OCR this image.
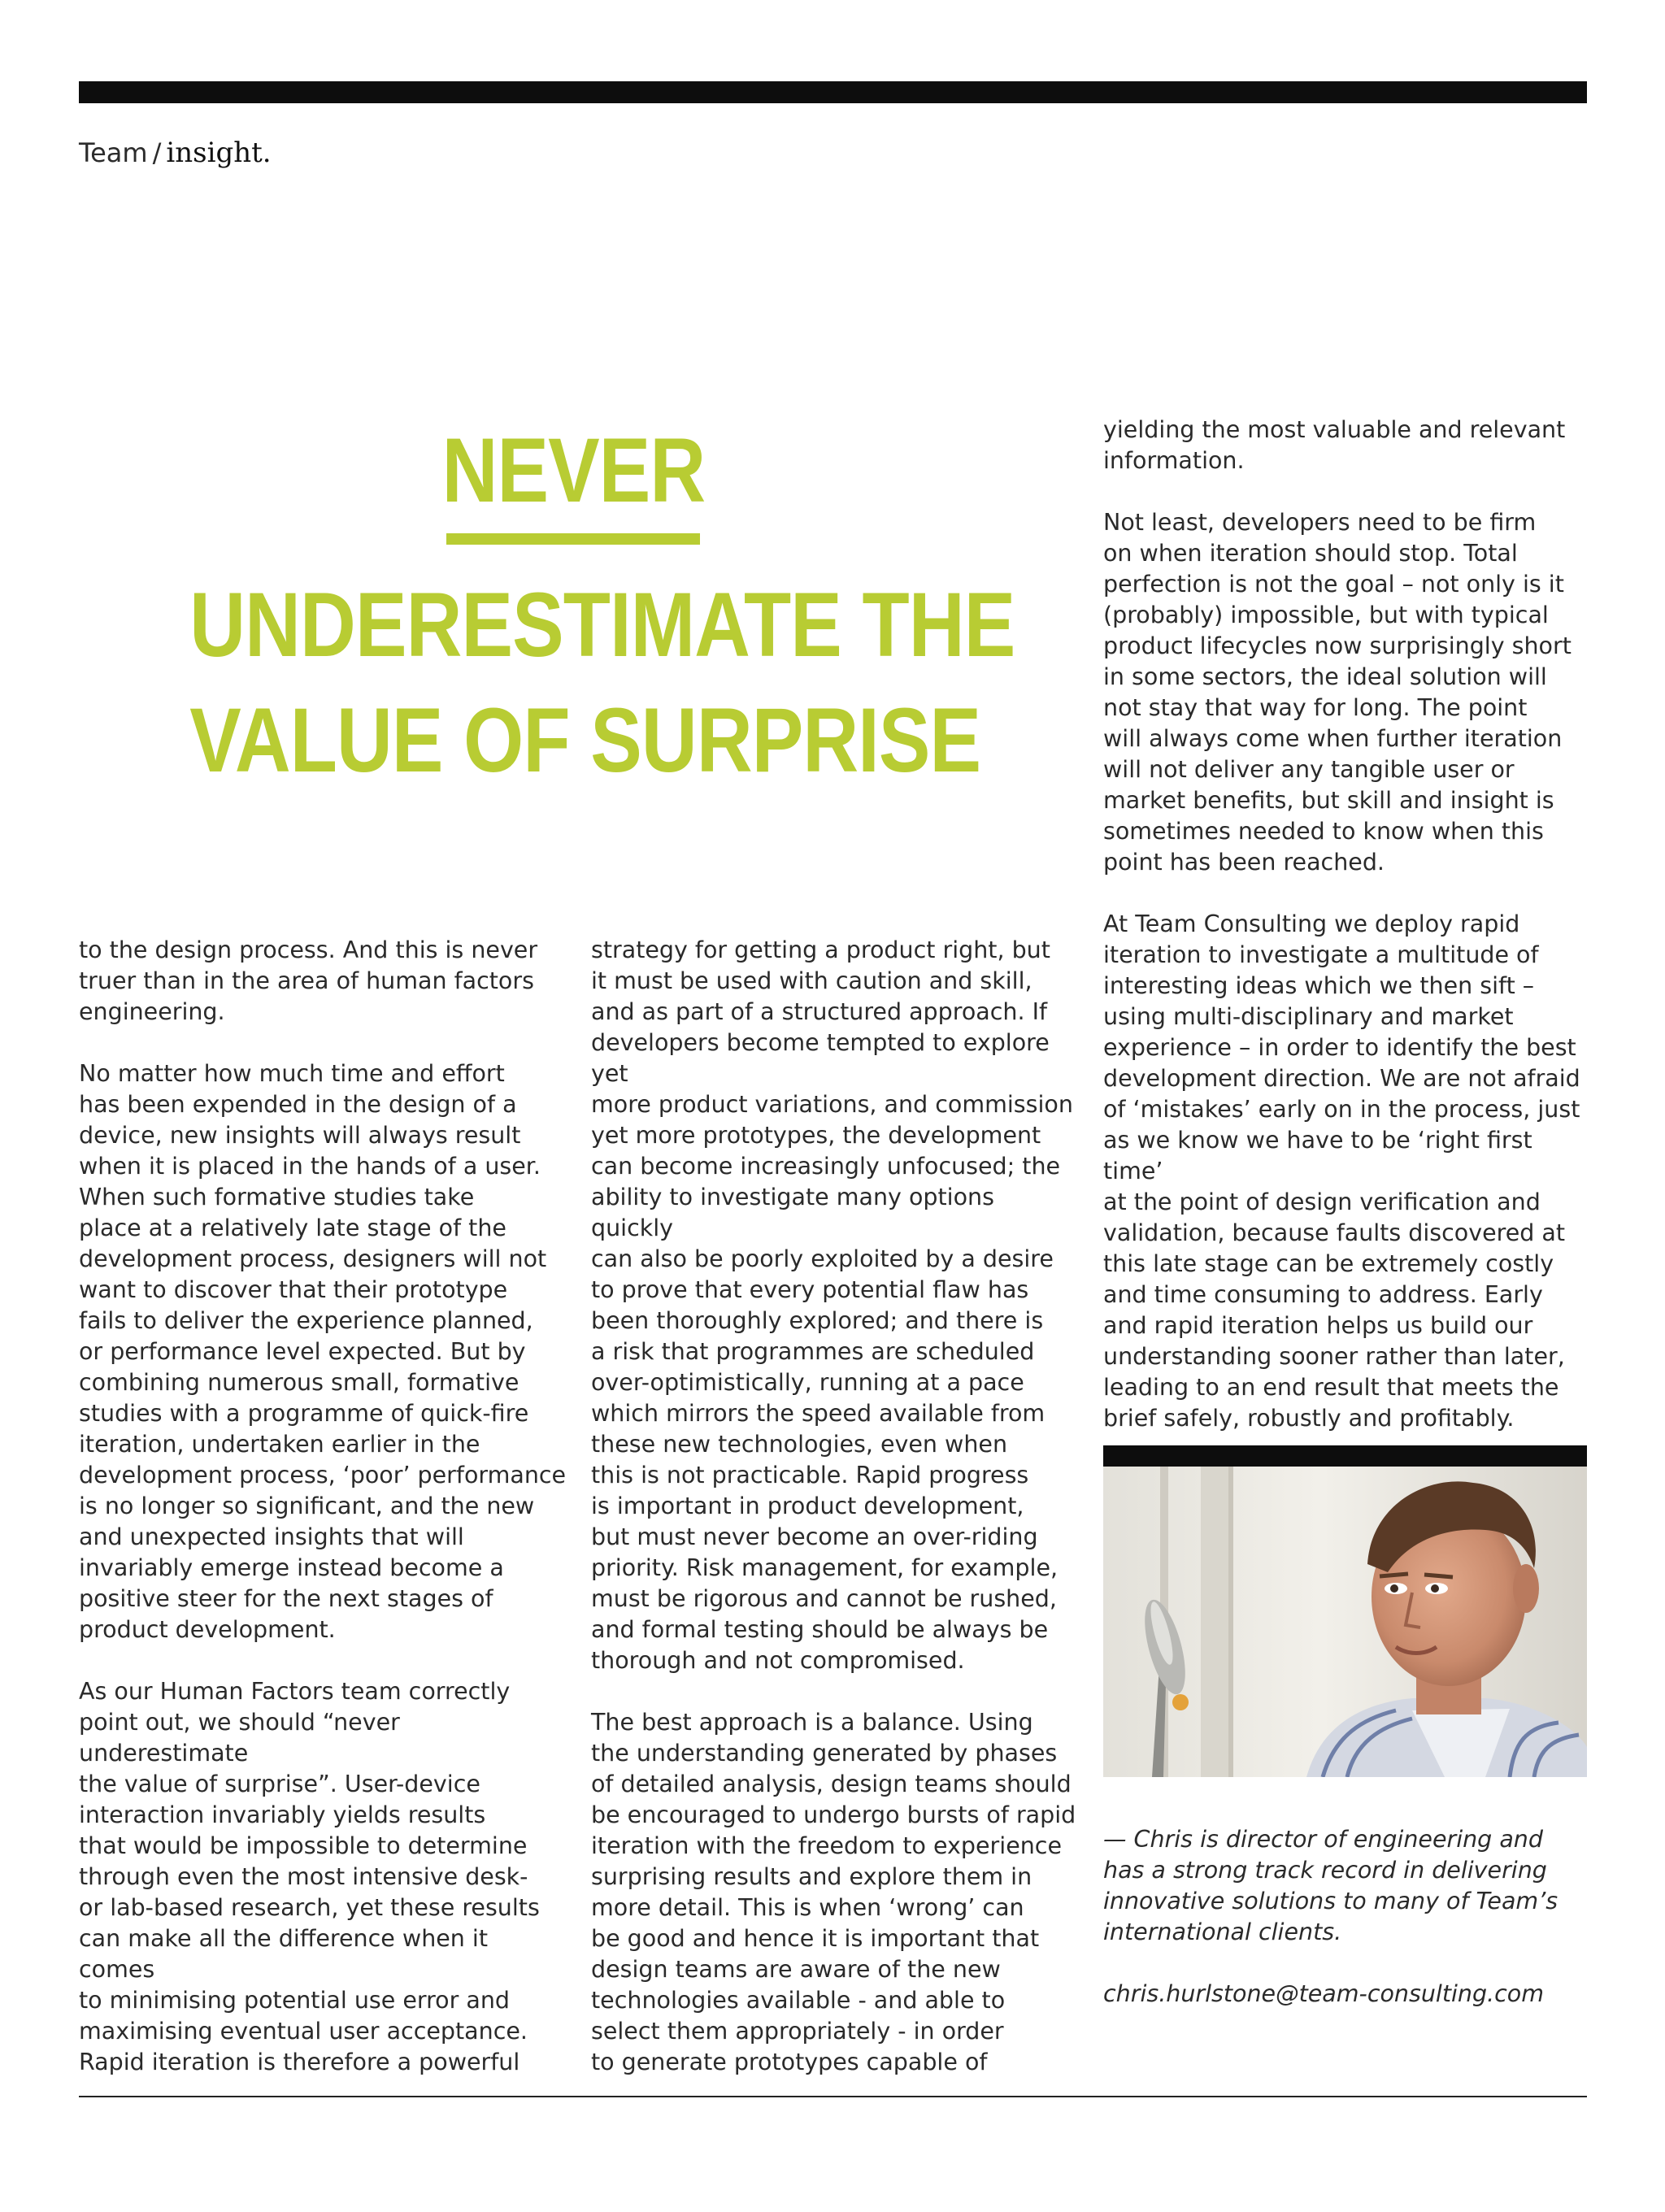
Team / insight.
NEVER
UNDERESTIMATE THE
VALUE OF SURPRISE

to the design process. And this is never
truer than in the area of human factors
engineering.

No matter how much time and effort
has been expended in the design of a
device, new insights will always result
when it is placed in the hands of a user.
When such formative studies take
place at a relatively late stage of the
development process, designers will not
want to discover that their prototype
fails to deliver the experience planned,
or performance level expected. But by
combining numerous small, formative
studies with a programme of quick-fire
iteration, undertaken earlier in the
development process, ‘poor’ performance
is no longer so significant, and the new
and unexpected insights that will
invariably emerge instead become a
positive steer for the next stages of
product development.

As our Human Factors team correctly
point out, we should “never underestimate
the value of surprise”. User-device
interaction invariably yields results
that would be impossible to determine
through even the most intensive desk-
or lab-based research, yet these results
can make all the difference when it comes
to minimising potential use error and
maximising eventual user acceptance.
Rapid iteration is therefore a powerful

strategy for getting a product right, but
it must be used with caution and skill,
and as part of a structured approach. If
developers become tempted to explore yet
more product variations, and commission
yet more prototypes, the development
can become increasingly unfocused; the
ability to investigate many options quickly
can also be poorly exploited by a desire
to prove that every potential flaw has
been thoroughly explored; and there is
a risk that programmes are scheduled
over-optimistically, running at a pace
which mirrors the speed available from
these new technologies, even when
this is not practicable. Rapid progress
is important in product development,
but must never become an over-riding
priority. Risk management, for example,
must be rigorous and cannot be rushed,
and formal testing should be always be
thorough and not compromised.

The best approach is a balance. Using
the understanding generated by phases
of detailed analysis, design teams should
be encouraged to undergo bursts of rapid
iteration with the freedom to experience
surprising results and explore them in
more detail. This is when ‘wrong’ can
be good and hence it is important that
design teams are aware of the new
technologies available - and able to
select them appropriately - in order
to generate prototypes capable of

yielding the most valuable and relevant
information.

Not least, developers need to be firm
on when iteration should stop. Total
perfection is not the goal – not only is it
(probably) impossible, but with typical
product lifecycles now surprisingly short
in some sectors, the ideal solution will
not stay that way for long. The point
will always come when further iteration
will not deliver any tangible user or
market benefits, but skill and insight is
sometimes needed to know when this
point has been reached.

At Team Consulting we deploy rapid
iteration to investigate a multitude of
interesting ideas which we then sift –
using multi-disciplinary and market
experience – in order to identify the best
development direction. We are not afraid
of ‘mistakes’ early on in the process, just
as we know we have to be ‘right first time’
at the point of design verification and
validation, because faults discovered at
this late stage can be extremely costly
and time consuming to address. Early
and rapid iteration helps us build our
understanding sooner rather than later,
leading to an end result that meets the
brief safely, robustly and profitably.

— Chris is director of engineering and
has a strong track record in delivering
innovative solutions to many of Team’s
international clients.

chris.hurlstone@team-consulting.com
